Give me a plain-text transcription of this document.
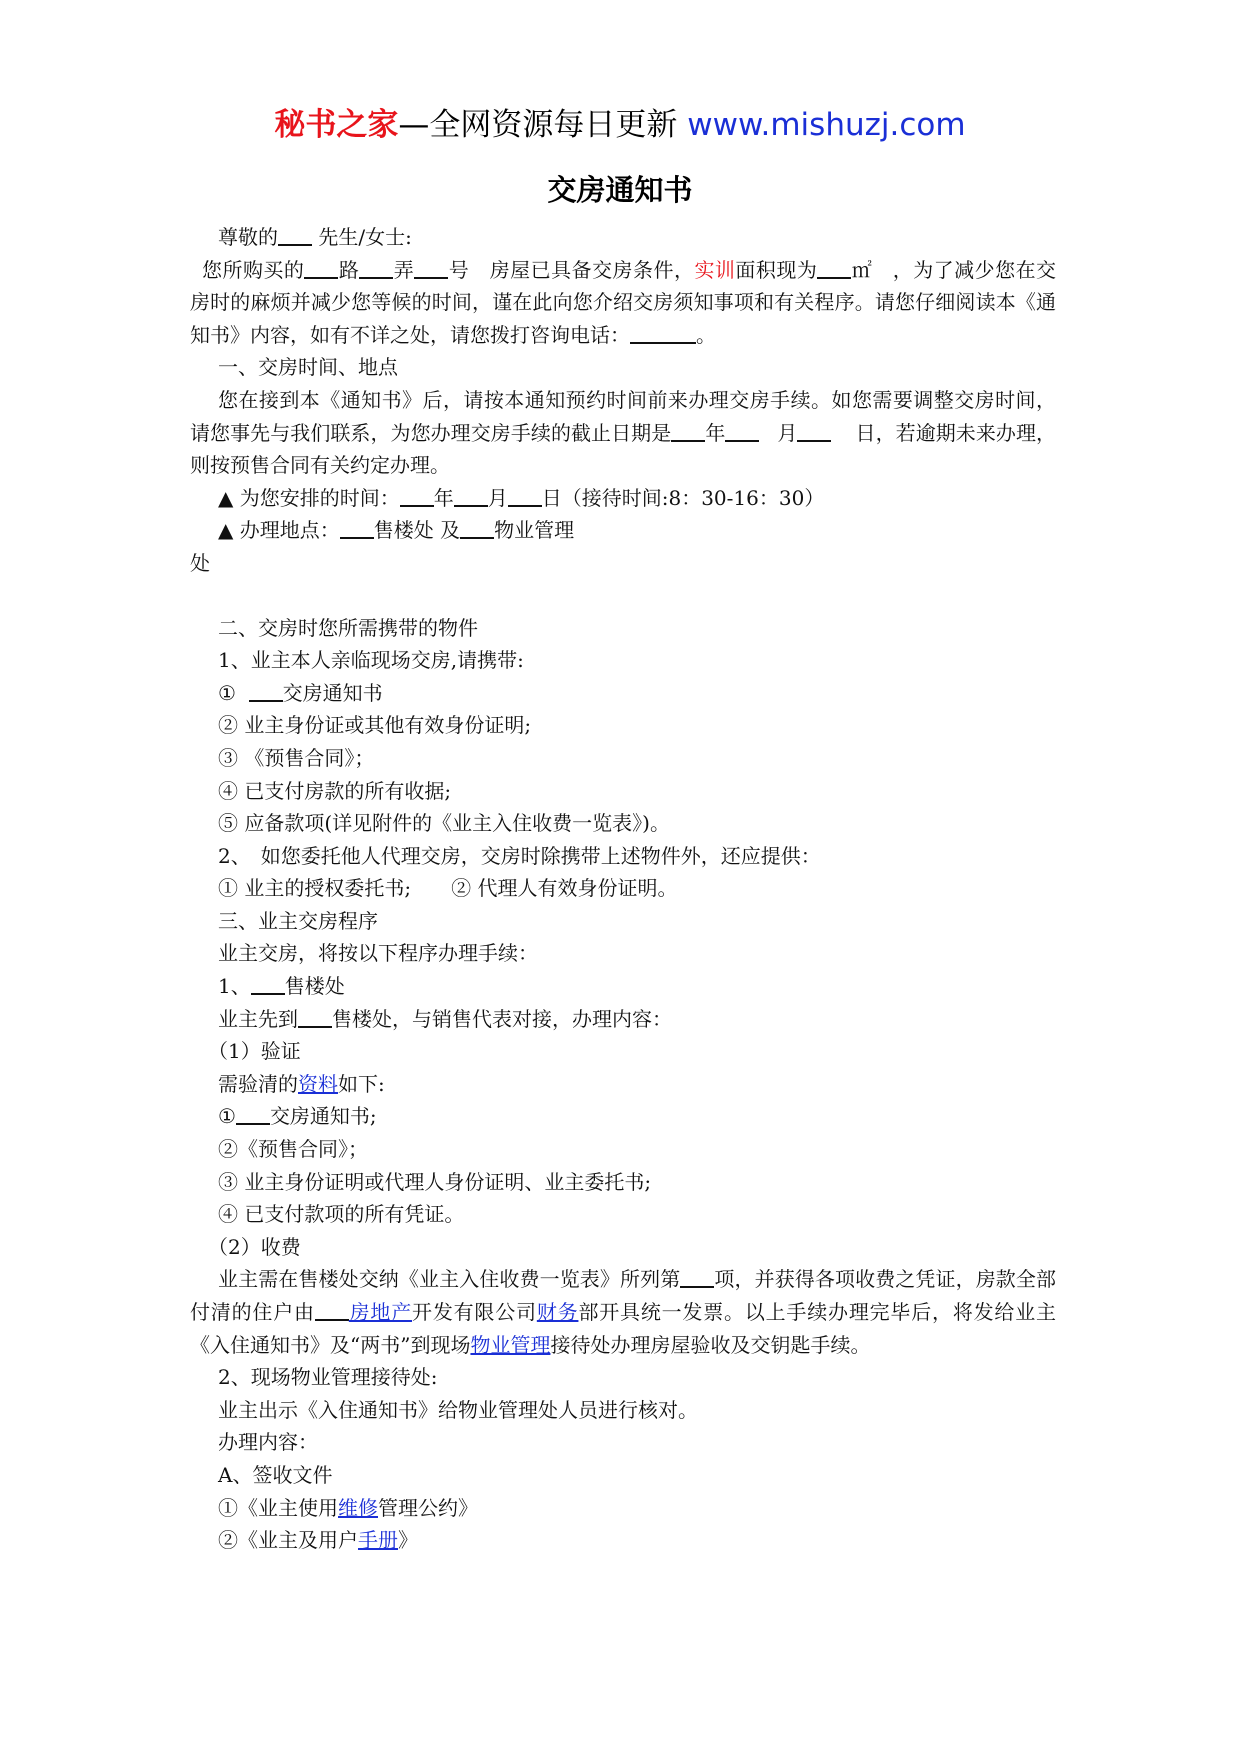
秘书之家—全网资源每日更新 www.mishuzj.com
交房通知书

尊敬的 先生/女士:

您所购买的 路 弄 号　房屋已具备交房条件，实训面积现为 ㎡　，为了减少您在交房时的麻烦并减少您等候的时间，谨在此向您介绍交房须知事项和有关程序。请您仔细阅读本《通知书》内容，如有不详之处，请您拨打咨询电话：	。

一、交房时间、地点

您在接到本《通知书》后，请按本通知预约时间前来办理交房手续。如您需要调整交房时间，请您事先与我们联系，为您办理交房手续的截止日期是 年	月	日，若逾期未来办理，则按预售合同有关约定办理。

▲ 为您安排的时间： 年 月 日（接待时间:8：30-16：30）

▲ 办理地点： 售楼处 及 物业管理

处

二、交房时您所需携带的物件

1、业主本人亲临现场交房,请携带:

① 交房通知书

② 业主身份证或其他有效身份证明;

③ 《预售合同》；

④ 已支付房款的所有收据;

⑤ 应备款项(详见附件的《业主入住收费一览表》)。

2、　如您委托他人代理交房，交房时除携带上述物件外，还应提供：

① 业主的授权委托书;　　② 代理人有效身份证明。

三、业主交房程序

业主交房，将按以下程序办理手续：

1、 售楼处

业主先到 售楼处，与销售代表对接，办理内容：

（1）验证

需验清的资料如下:

① 交房通知书;

②《预售合同》；

③ 业主身份证明或代理人身份证明、业主委托书;

④ 已支付款项的所有凭证。

（2）收费

业主需在售楼处交纳《业主入住收费一览表》所列第 项，并获得各项收费之凭证，房款全部付清的住户由 房地产开发有限公司财务部开具统一发票。以上手续办理完毕后，将发给业主《入住通知书》及“两书”到现场物业管理接待处办理房屋验收及交钥匙手续。

2、现场物业管理接待处:

业主出示《入住通知书》给物业管理处人员进行核对。

办理内容：

A、签收文件

①《业主使用维修管理公约》

②《业主及用户手册》
